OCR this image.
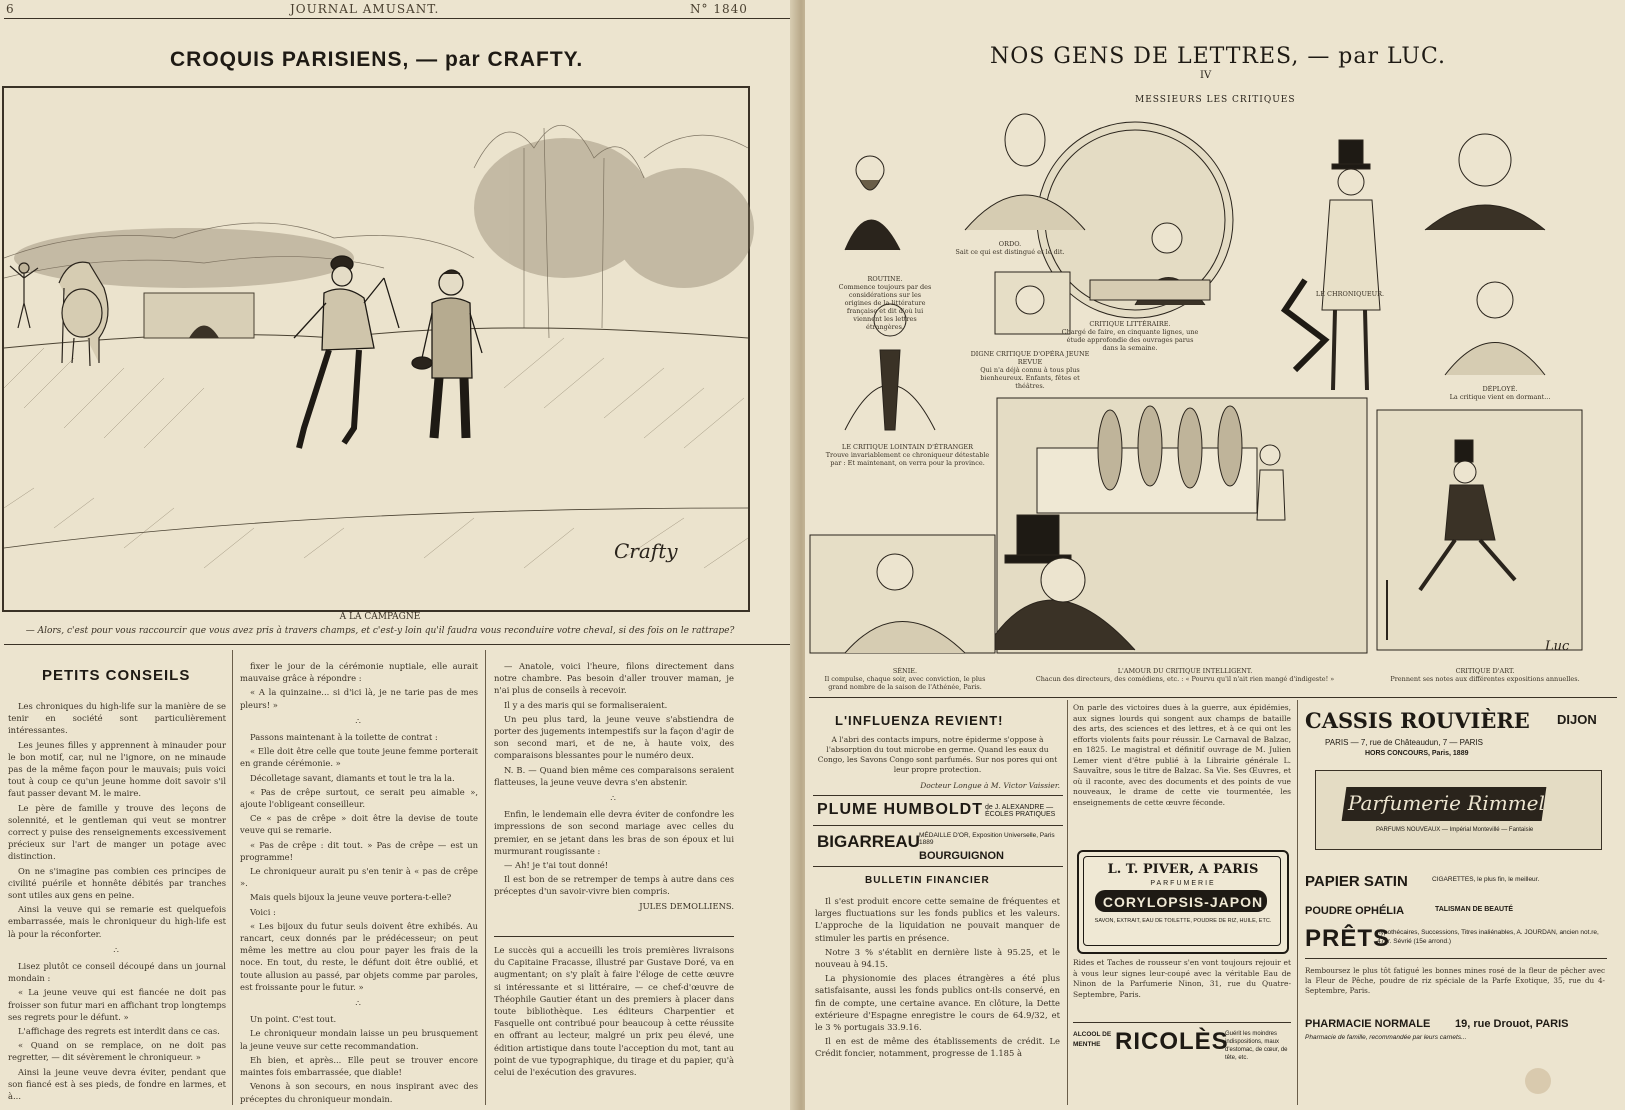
6	JOURNAL AMUSANT.	N° 1840
CROQUIS PARISIENS, — par CRAFTY.
Crafty
A LA CAMPAGNE
— Alors, c'est pour vous raccourcir que vous avez pris à travers champs, et c'est-y loin qu'il faudra vous reconduire votre cheval, si des fois on le rattrape?
PETITS CONSEILS

Les chroniques du high-life sur la manière de se tenir en société sont particulièrement intéressantes.

Les jeunes filles y apprennent à minauder pour le bon motif, car, nul ne l'ignore, on ne minaude pas de la même façon pour le mauvais; puis voici tout à coup ce qu'un jeune homme doit savoir s'il faut passer devant M. le maire.

Le père de famille y trouve des leçons de solennité, et le gentleman qui veut se montrer correct y puise des renseignements excessivement précieux sur l'art de manger un potage avec distinction.

On ne s'imagine pas combien ces principes de civilité puérile et honnête débités par tranches sont utiles aux gens en peine.

Ainsi la veuve qui se remarie est quelquefois embarrassée, mais le chroniqueur du high-life est là pour la réconforter.

∴

Lisez plutôt ce conseil découpé dans un journal mondain :

« La jeune veuve qui est fiancée ne doit pas froisser son futur mari en affichant trop longtemps ses regrets pour le défunt. »

L'affichage des regrets est interdit dans ce cas.

« Quand on se remplace, on ne doit pas regretter, — dit sévèrement le chroniqueur. »

Ainsi la jeune veuve devra éviter, pendant que son fiancé est à ses pieds, de fondre en larmes, et à...

fixer le jour de la cérémonie nuptiale, elle aurait mauvaise grâce à répondre :

« A la quinzaine... si d'ici là, je ne tarie pas de mes pleurs! »

∴

Passons maintenant à la toilette de contrat :

« Elle doit être celle que toute jeune femme porterait en grande cérémonie. »

Décolletage savant, diamants et tout le tra la la.

« Pas de crêpe surtout, ce serait peu aimable », ajoute l'obligeant conseilleur.

Ce « pas de crêpe » doit être la devise de toute veuve qui se remarie.

« Pas de crêpe : dit tout. » Pas de crêpe — est un programme!

Le chroniqueur aurait pu s'en tenir à « pas de crêpe ».

Mais quels bijoux la jeune veuve portera-t-elle?

Voici :

« Les bijoux du futur seuls doivent être exhibés. Au rancart, ceux donnés par le prédécesseur; on peut même les mettre au clou pour payer les frais de la noce. En tout, du reste, le défunt doit être oublié, et toute allusion au passé, par objets comme par paroles, est froissante pour le futur. »

∴

Un point. C'est tout.

Le chroniqueur mondain laisse un peu brusquement la jeune veuve sur cette recommandation.

Eh bien, et après... Elle peut se trouver encore maintes fois embarrassée, que diable!

Venons à son secours, en nous inspirant avec des préceptes du chroniqueur mondain.

— Anatole, voici l'heure, filons directement dans notre chambre. Pas besoin d'aller trouver maman, je n'ai plus de conseils à recevoir.

Il y a des maris qui se formaliseraient.

Un peu plus tard, la jeune veuve s'abstiendra de porter des jugements intempestifs sur la façon d'agir de son second mari, et de ne, à haute voix, des comparaisons blessantes pour le numéro deux.

N. B. — Quand bien même ces comparaisons seraient flatteuses, la jeune veuve devra s'en abstenir.

∴

Enfin, le lendemain elle devra éviter de confondre les impressions de son second mariage avec celles du premier, en se jetant dans les bras de son époux et lui murmurant rougissante :

— Ah! je t'ai tout donné!

Il est bon de se retremper de temps à autre dans ces préceptes d'un savoir-vivre bien compris.

JULES DEMOLLIENS.

Le succès qui a accueilli les trois premières livraisons du Capitaine Fracasse, illustré par Gustave Doré, va en augmentant; on s'y plaît à faire l'éloge de cette œuvre si intéressante et si littéraire, — ce chef-d'œuvre de Théophile Gautier étant un des premiers à placer dans toute bibliothèque. Les éditeurs Charpentier et Fasquelle ont contribué pour beaucoup à cette réussite en offrant au lecteur, malgré un prix peu élevé, une édition artistique dans toute l'acception du mot, tant au point de vue typographique, du tirage et du papier, qu'à celui de l'exécution des gravures.
NOS GENS DE LETTRES, — par LUC.
IV
MESSIEURS LES CRITIQUES
Luc
ROUTINE.
Commence toujours par des considérations sur les origines de la littérature française et dit d'où lui viennent les lettres étrangères.
ORDO.
Sait ce qui est distingué et le dit.
CRITIQUE LITTÉRAIRE.
Chargé de faire, en cinquante lignes, une étude approfondie des ouvrages parus dans la semaine.
LE CHRONIQUEUR.
DÉPLOYÉ.
La critique vient en dormant...
DIGNE CRITIQUE D'OPÉRA JEUNE REVUE
Qui n'a déjà connu à tous plus bienheureux. Enfants, fêtes et théâtres.
LE CRITIQUE LOINTAIN D'ÉTRANGER
Trouve invariablement ce chroniqueur détestable par : Et maintenant, on verra pour la province.
SÉNIE.
Il compulse, chaque soir, avec conviction, le plus grand nombre de la saison de l'Athénée, Paris.
L'AMOUR DU CRITIQUE INTELLIGENT.
Chacun des directeurs, des comédiens, etc. : « Pourvu qu'il n'ait rien mangé d'indigeste! »
CRITIQUE D'ART.
Prennent ses notes aux différentes expositions annuelles.
L'INFLUENZA REVIENT!
A l'abri des contacts impurs, notre épiderme s'oppose à l'absorption du tout microbe en germe. Quand les eaux du Congo, les Savons Congo sont parfumés. Sur nos pores qui ont leur propre protection.
Docteur Longue à M. Victor Vaissier.
PLUME HUMBOLDT de J. ALEXANDRE — ÉCOLES PRATIQUES
BIGARREAU
BOURGUIGNON
MÉDAILLE D'OR, Exposition Universelle, Paris 1889
BULLETIN FINANCIER

Il s'est produit encore cette semaine de fréquentes et larges fluctuations sur les fonds publics et les valeurs. L'approche de la liquidation ne pouvait manquer de stimuler les partis en présence.

Notre 3 % s'établit en dernière liste à 95.25, et le nouveau à 94.15.

La physionomie des places étrangères a été plus satisfaisante, aussi les fonds publics ont-ils conservé, en fin de compte, une certaine avance. En clôture, la Dette extérieure d'Espagne enregistre le cours de 64.9/32, et le 3 % portugais 33.9.16.

Il en est de même des établissements de crédit. Le Crédit foncier, notamment, progresse de 1.185 à

On parle des victoires dues à la guerre, aux épidémies, aux signes lourds qui songent aux champs de bataille des arts, des sciences et des lettres, et à ce qui ont les efforts violents faits pour réussir. Le Carnaval de Balzac, en 1825. Le magistral et définitif ouvrage de M. Julien Lemer vient d'être publié à la Librairie générale L. Sauvaître, sous le titre de Balzac. Sa Vie. Ses Œuvres, et où il raconte, avec des documents et des points de vue nouveaux, le drame de cette vie tourmentée, les enseignements de cette œuvre féconde.
L. T. PIVER, A PARIS
PARFUMERIE
CORYLOPSIS-JAPON
SAVON, EXTRAIT, EAU DE TOILETTE, POUDRE DE RIZ, HUILE, ETC.
Rides et Taches de rousseur s'en vont toujours rejouir et à vous leur signes leur-coupé avec la véritable Eau de Ninon de la Parfumerie Ninon, 31, rue du Quatre-Septembre, Paris.
ALCOOL DE MENTHE RICOLÈS
Guérit les moindres indispositions, maux d'estomac, de cœur, de tête, etc.
CASSIS ROUVIÈRE DIJON
PARIS — 7, rue de Châteaudun, 7 — PARIS
HORS CONCOURS, Paris, 1889
Parfumerie Rimmel
PARFUMS NOUVEAUX — Impérial Montevillé — Fantaisie
PAPIER SATIN	CIGARETTES, le plus fin, le meilleur.
POUDRE OPHÉLIA	TALISMAN DE BEAUTÉ
PRÊTS
hypothécaires, Successions, Titres inaliénables, A. JOURDAN, ancien not.re, 47, r. Sévrié (15e arrond.)
Remboursez le plus tôt fatigué les bonnes mines rosé de la fleur de pêcher avec la Fleur de Pêche, poudre de riz spéciale de la Parfe Exotique, 35, rue du 4-Septembre, Paris.
PHARMACIE NORMALE 19, rue Drouot, PARIS
Pharmacie de famille, recommandée par leurs carnets...
